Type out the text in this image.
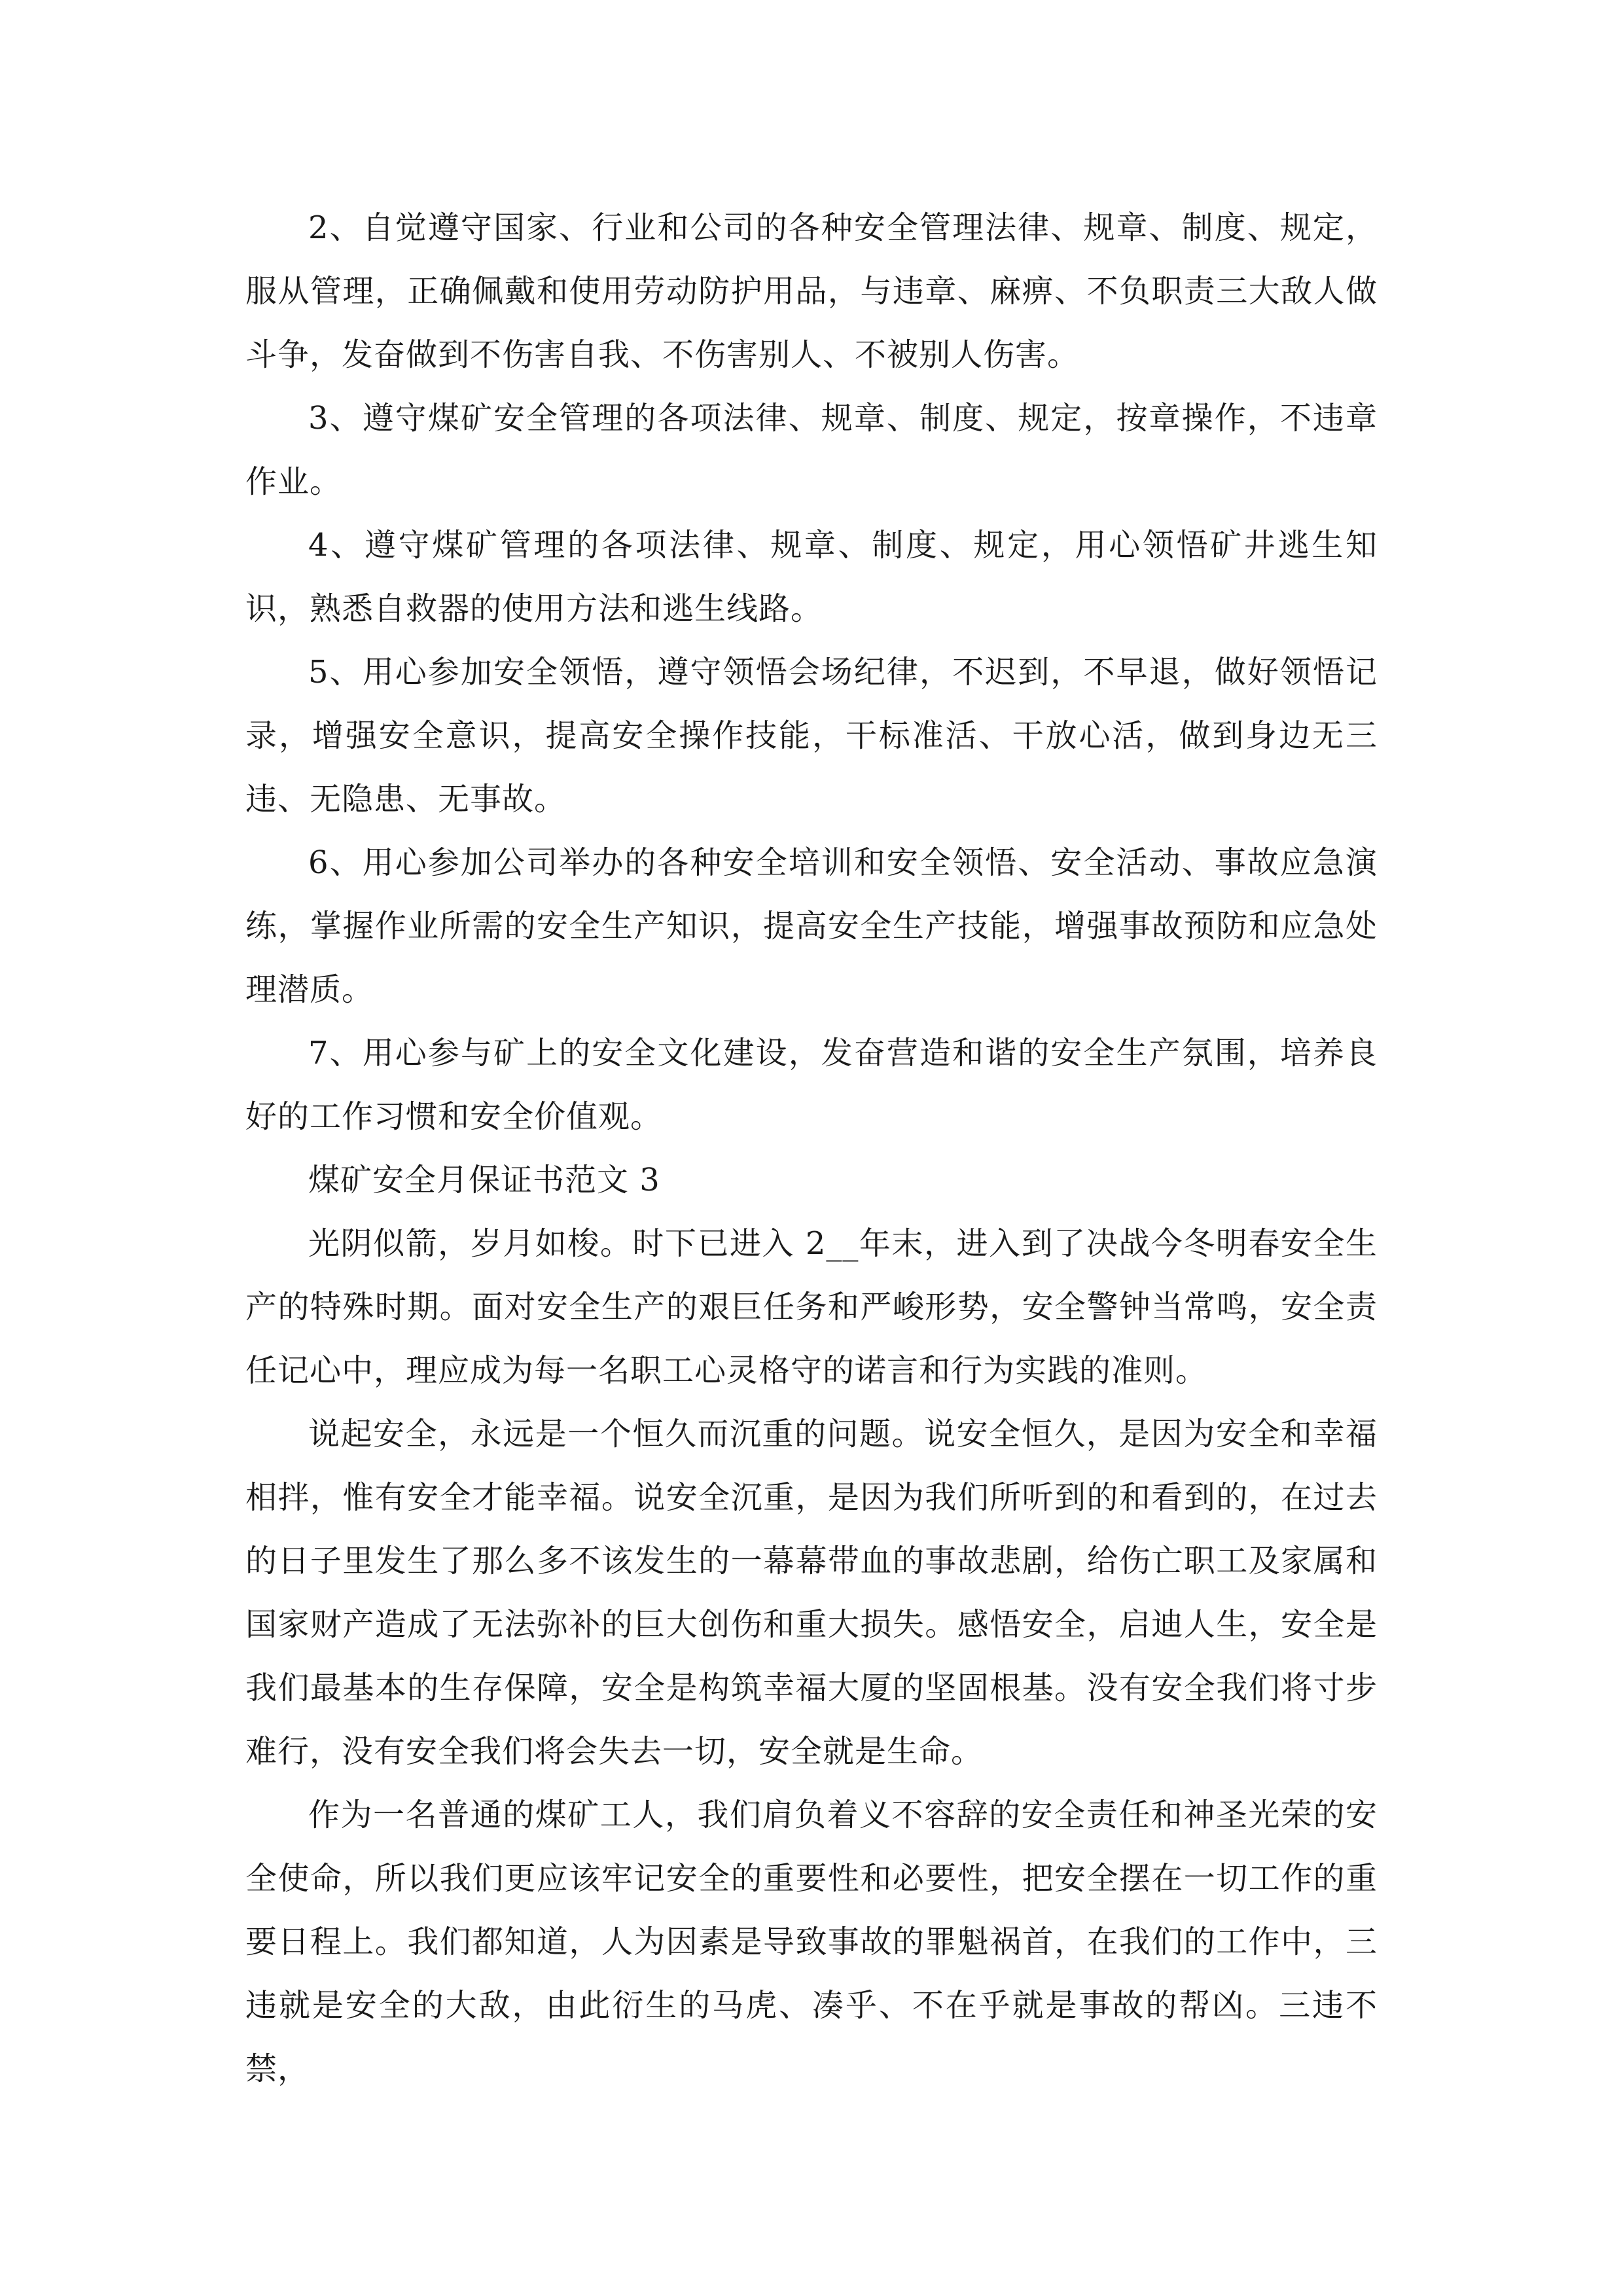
2、自觉遵守国家、行业和公司的各种安全管理法律、规章、制度、规定，服从管理，正确佩戴和使用劳动防护用品，与违章、麻痹、不负职责三大敌人做斗争，发奋做到不伤害自我、不伤害别人、不被别人伤害。

3、遵守煤矿安全管理的各项法律、规章、制度、规定，按章操作，不违章作业。

4、遵守煤矿管理的各项法律、规章、制度、规定，用心领悟矿井逃生知识，熟悉自救器的使用方法和逃生线路。

5、用心参加安全领悟，遵守领悟会场纪律，不迟到，不早退，做好领悟记录，增强安全意识，提高安全操作技能，干标准活、干放心活，做到身边无三违、无隐患、无事故。

6、用心参加公司举办的各种安全培训和安全领悟、安全活动、事故应急演练，掌握作业所需的安全生产知识，提高安全生产技能，增强事故预防和应急处理潜质。

7、用心参与矿上的安全文化建设，发奋营造和谐的安全生产氛围，培养良好的工作习惯和安全价值观。

煤矿安全月保证书范文 3

光阴似箭，岁月如梭。时下已进入 2__年末，进入到了决战今冬明春安全生产的特殊时期。面对安全生产的艰巨任务和严峻形势，安全警钟当常鸣，安全责任记心中，理应成为每一名职工心灵格守的诺言和行为实践的准则。

说起安全，永远是一个恒久而沉重的问题。说安全恒久，是因为安全和幸福相拌，惟有安全才能幸福。说安全沉重，是因为我们所听到的和看到的，在过去的日子里发生了那么多不该发生的一幕幕带血的事故悲剧，给伤亡职工及家属和国家财产造成了无法弥补的巨大创伤和重大损失。感悟安全，启迪人生，安全是我们最基本的生存保障，安全是构筑幸福大厦的坚固根基。没有安全我们将寸步难行，没有安全我们将会失去一切，安全就是生命。

作为一名普通的煤矿工人，我们肩负着义不容辞的安全责任和神圣光荣的安全使命，所以我们更应该牢记安全的重要性和必要性，把安全摆在一切工作的重要日程上。我们都知道，人为因素是导致事故的罪魁祸首，在我们的工作中，三违就是安全的大敌，由此衍生的马虎、凑乎、不在乎就是事故的帮凶。三违不禁，
